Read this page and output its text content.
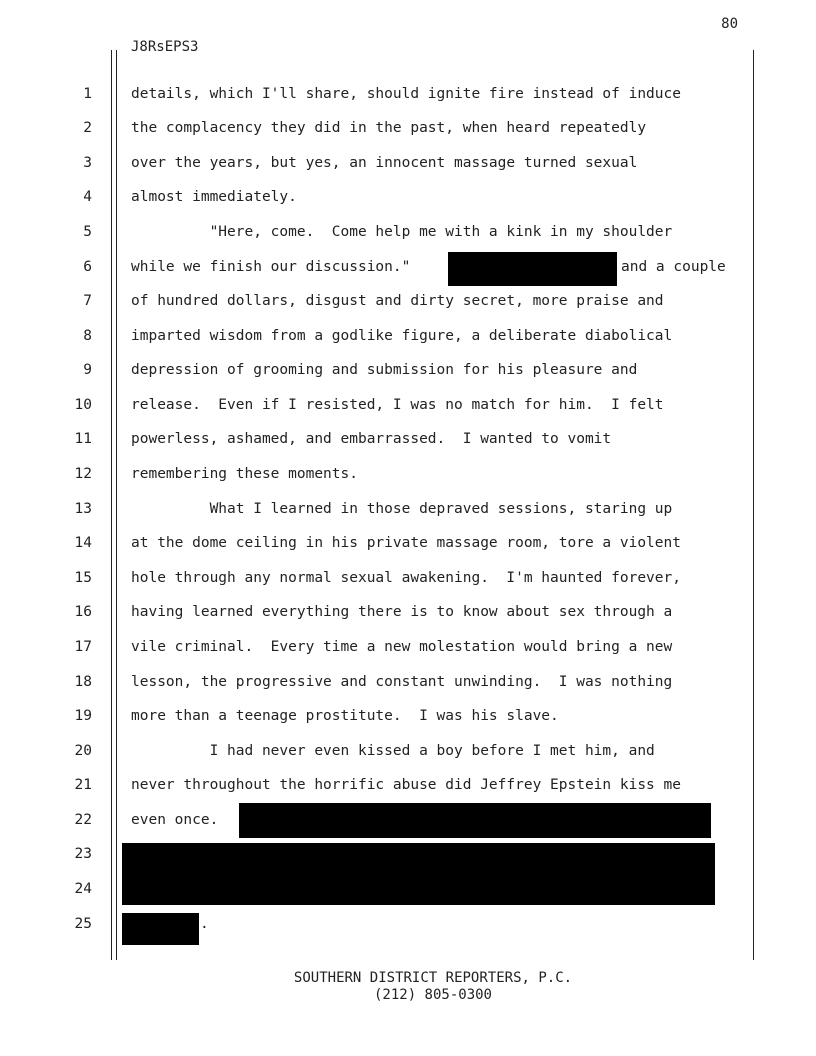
80
J8RsEPS3
1	details, which I'll share, should ignite fire instead of induce
2	the complacency they did in the past, when heard repeatedly
3	over the years, but yes, an innocent massage turned sexual
4	almost immediately.
5	"Here, come.  Come help me with a kink in my shoulder
6	while we finish our discussion."	and a couple
7	of hundred dollars, disgust and dirty secret, more praise and
8	imparted wisdom from a godlike figure, a deliberate diabolical
9	depression of grooming and submission for his pleasure and
10	release.  Even if I resisted, I was no match for him.  I felt
11	powerless, ashamed, and embarrassed.  I wanted to vomit
12	remembering these moments.
13	What I learned in those depraved sessions, staring up
14	at the dome ceiling in his private massage room, tore a violent
15	hole through any normal sexual awakening.  I'm haunted forever,
16	having learned everything there is to know about sex through a
17	vile criminal.  Every time a new molestation would bring a new
18	lesson, the progressive and constant unwinding.  I was nothing
19	more than a teenage prostitute.  I was his slave.
20	I had never even kissed a boy before I met him, and
21	never throughout the horrific abuse did Jeffrey Epstein kiss me
22	even once.
23
24
25	.
SOUTHERN DISTRICT REPORTERS, P.C.
(212) 805-0300
